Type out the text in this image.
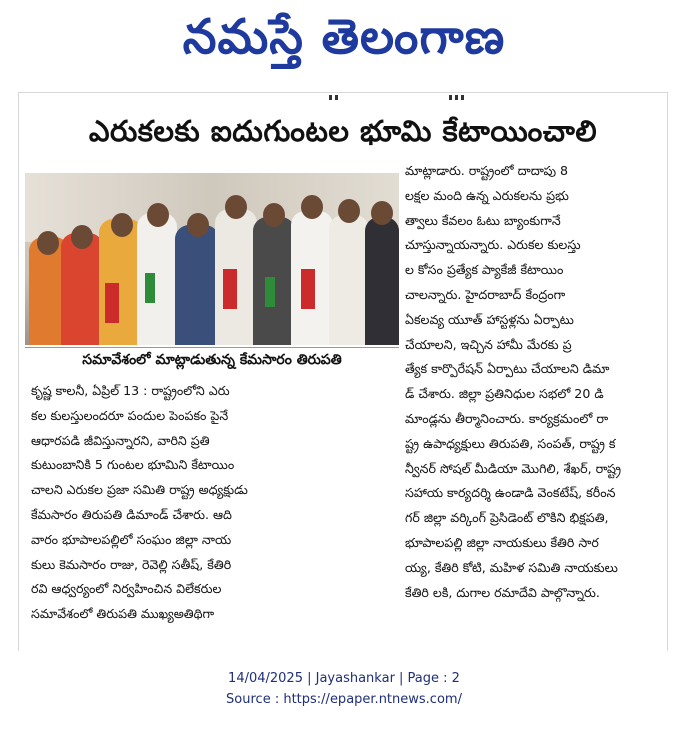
నమస్తే తెలంగాణ
ఎరుకలకు ఐదుగుంటల భూమి కేటాయించాలి
సమావేశంలో మాట్లాడుతున్న కేమసారం తిరుపతి

మాట్లాడారు. రాష్ట్రంలో దాదాపు 8

లక్షల మంది ఉన్న ఎరుకలను ప్రభు

త్వాలు కేవలం ఓటు బ్యాంకుగానే

చూస్తున్నాయన్నారు. ఎరుకల కులస్తు

ల కోసం ప్రత్యేక ప్యాకేజీ కేటాయిం

చాలన్నారు. హైదరాబాద్ కేంద్రంగా

ఏకలవ్య యూత్ హాస్టళ్లను ఏర్పాటు

చేయాలని, ఇచ్చిన హామీ మేరకు ప్ర

త్యేక కార్పొరేషన్ ఏర్పాటు చేయాలని డిమా

డ్ చేశారు. జిల్లా ప్రతినిధుల సభలో 20 డి

మాండ్లను తీర్మానించారు. కార్యక్రమంలో రా

ష్ట్ర ఉపాధ్యక్షులు తిరుపతి, సంపత్, రాష్ట్ర క

న్వీనర్ సోషల్ మీడియా మొగిలి, శేఖర్, రాష్ట్ర

సహాయ కార్యదర్శి ఉండాడి వెంకటేష్, కరీంన

గర్ జిల్లా వర్కింగ్ ప్రెసిడెంట్ లొకిని భిక్షపతి,

భూపాలపల్లి జిల్లా నాయకులు కేతిరి సార

య్య, కేతిరి కోటి, మహిళ సమితి నాయకులు

కేతిరి లకి, దుగాల రమాదేవి పాల్గొన్నారు.

కృష్ణ కాలనీ, ఏప్రిల్ 13 : రాష్ట్రంలోని ఎరు

కల కులస్తులందరూ పందుల పెంపకం పైనే

ఆధారపడి జీవిస్తున్నారని, వారిని ప్రతి

కుటుంబానికి 5 గుంటల భూమిని కేటాయిం

చాలని ఎరుకల ప్రజా సమితి రాష్ట్ర అధ్యక్షుడు

కేమసారం తిరుపతి డిమాండ్ చేశారు. ఆది

వారం భూపాలపల్లిలో సంఘం జిల్లా నాయ

కులు కెమసారం రాజు, రెవెల్లి సతీష్, కేతిరి

రవి ఆధ్వర్యంలో నిర్వహించిన విలేకరుల

సమావేశంలో తిరుపతి ముఖ్యఅతిథిగా

14/04/2025 | Jayashankar | Page : 2
Source : https://epaper.ntnews.com/
